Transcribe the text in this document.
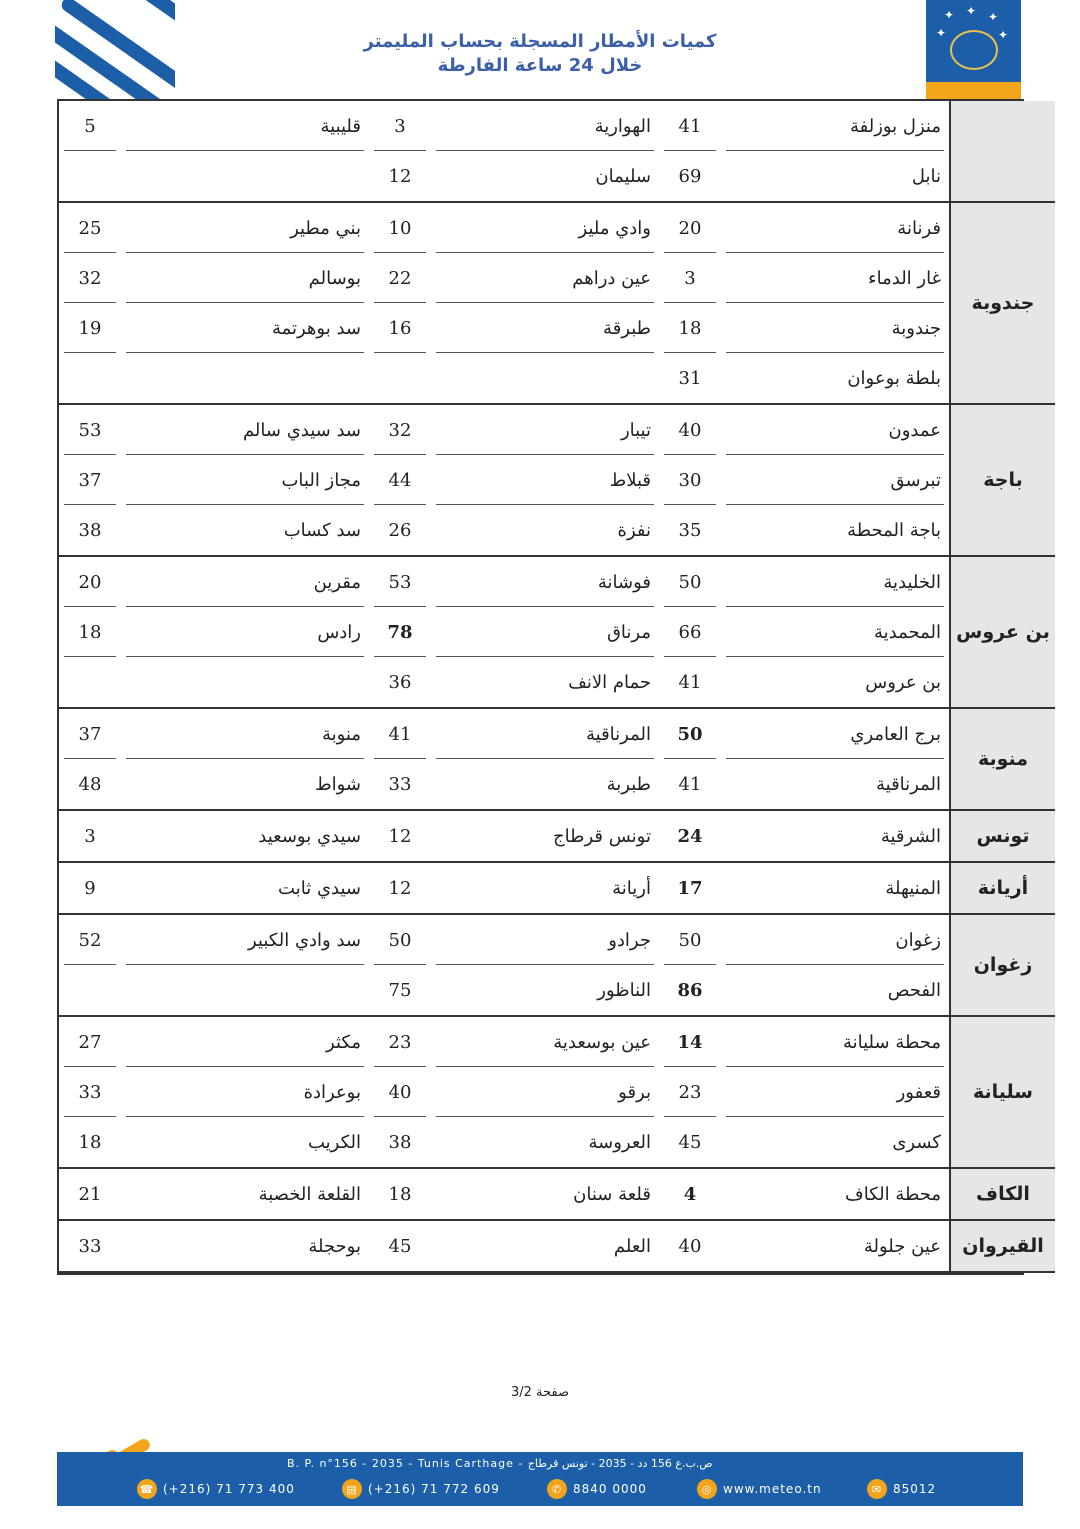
كميات الأمطار المسجلة بحساب المليمتر
خلال 24 ساعة الفارطة
✦ ✦ ✦
✦	✦
	منزل بوزلفة	41	الهوارية	3	قليبية	5
	نابل	69	سليمان	12		
جندوبة	فرنانة	20	وادي مليز	10	بني مطير	25
	غار الدماء	3	عين دراهم	22	بوسالم	32
	جندوبة	18	طبرقة	16	سد بوهرتمة	19
	بلطة بوعوان	31				
باجة	عمدون	40	تيبار	32	سد سيدي سالم	53
	تبرسق	30	قبلاط	44	مجاز الباب	37
	باجة المحطة	35	نفزة	26	سد كساب	38
بن عروس	الخليدية	50	فوشانة	53	مقرين	20
	المحمدية	66	مرناق	78	رادس	18
	بن عروس	41	حمام الانف	36		
منوبة	برج العامري	50	المرناقية	41	منوبة	37
	المرناقية	41	طبربة	33	شواط	48
تونس	الشرقية	24	تونس قرطاج	12	سيدي بوسعيد	3
أريانة	المنيهلة	17	أريانة	12	سيدي ثابت	9
زغوان	زغوان	50	جرادو	50	سد وادي الكبير	52
	الفحص	86	الناظور	75		
سليانة	محطة سليانة	14	عين بوسعدية	23	مكثر	27
	قعفور	23	برقو	40	بوعرادة	33
	كسرى	45	العروسة	38	الكريب	18
الكاف	محطة الكاف	4	قلعة سنان	18	القلعة الخصبة	21
القيروان	عين جلولة	40	العلم	45	بوحجلة	33
صفحة 3/2
B. P. n°156 - 2035 - Tunis Carthage - ص.ب.ع 156 دد - 2035 - تونس قرطاج
☎ (+216) 71 773 400	▤ (+216) 71 772 609	✆ 8840 0000	◎ www.meteo.tn	✉ 85012
